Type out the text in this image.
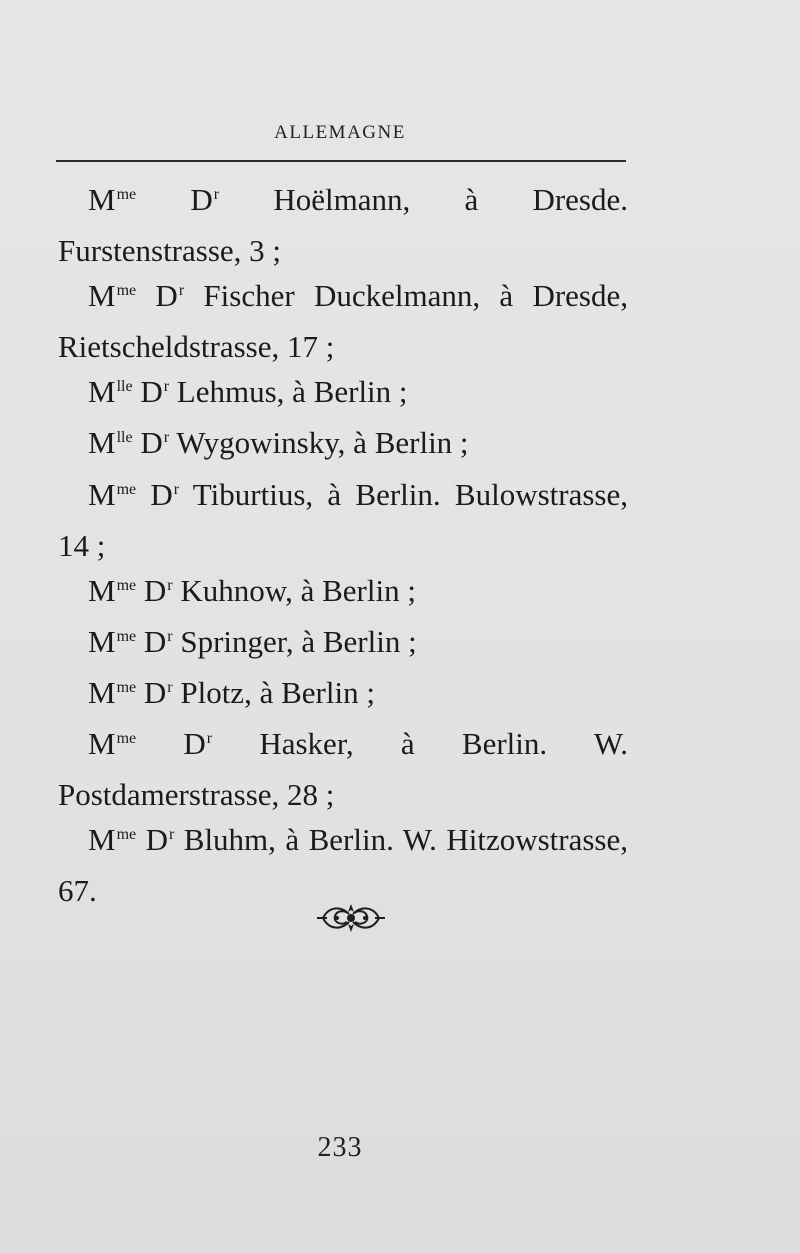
ALLEMAGNE

$M^{me}$ $D^r$ Hoëlmann, à Dresde. Furstenstrasse, 3 ;

$M^{me}$ $D^r$ Fischer Duckelmann, à Dresde, Rietscheldstrasse, 17 ;

$M^{lle}$ $D^r$ Lehmus, à Berlin ;

$M^{lle}$ $D^r$ Wygowinsky, à Berlin ;

$M^{me}$ $D^r$ Tiburtius, à Berlin. Bulowstrasse, 14 ;

$M^{me}$ $D^r$ Kuhnow, à Berlin ;

$M^{me}$ $D^r$ Springer, à Berlin ;

$M^{me}$ $D^r$ Plotz, à Berlin ;

$M^{me}$ $D^r$ Hasker, à Berlin. W. Postdamerstrasse, 28 ;

$M^{me}$ $D^r$ Bluhm, à Berlin. W. Hitzowstrasse, 67.

233
